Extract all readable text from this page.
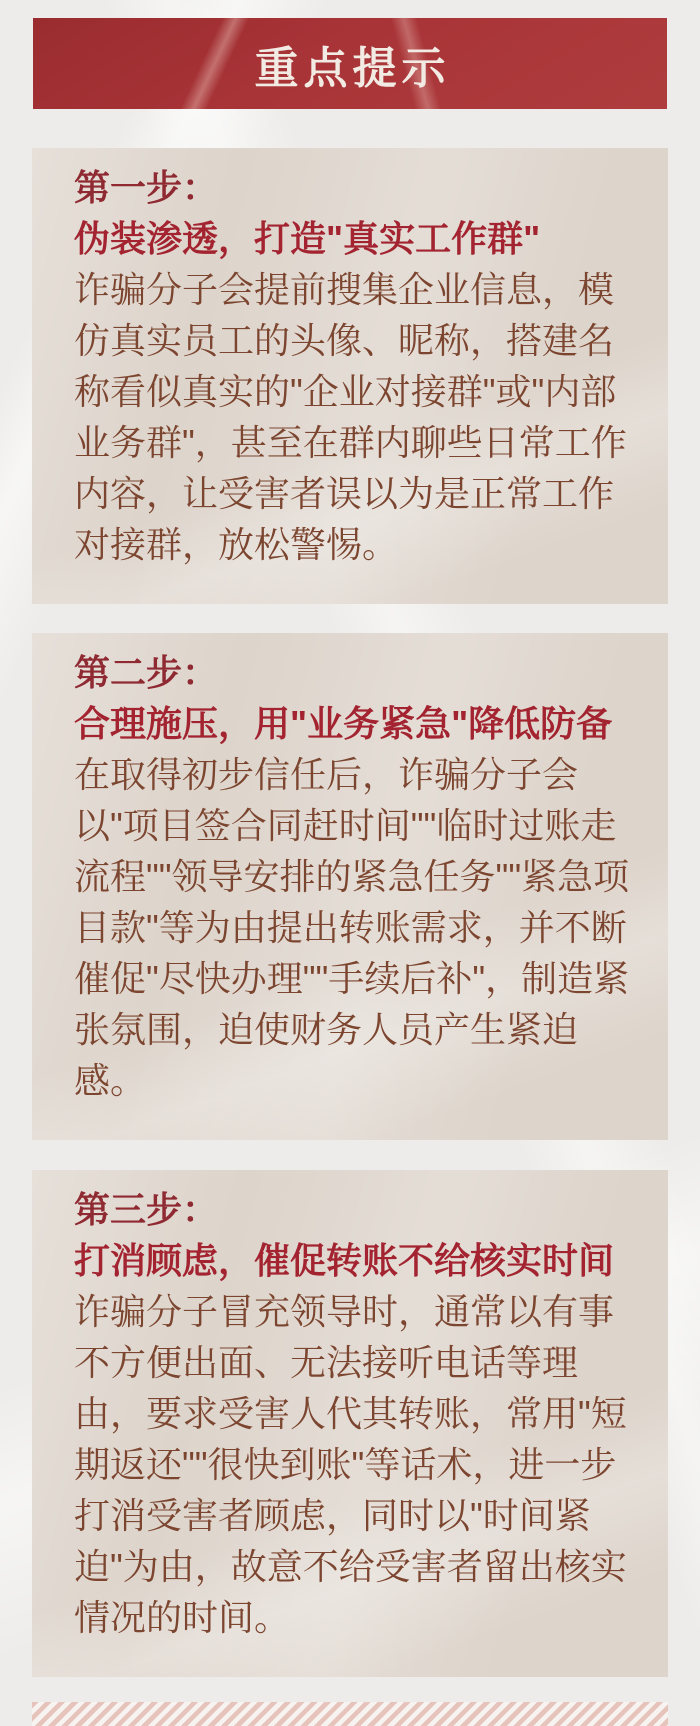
重点提示
第一步：
伪装渗透，打造"真实工作群"

诈骗分子会提前搜集企业信息，模仿真实员工的头像、昵称，搭建名称看似真实的"企业对接群"或"内部业务群"，甚至在群内聊些日常工作内容，让受害者误以为是正常工作对接群，放松警惕。

第二步：
合理施压，用"业务紧急"降低防备

在取得初步信任后，诈骗分子会以"项目签合同赶时间""临时过账走流程""领导安排的紧急任务""紧急项目款"等为由提出转账需求，并不断催促"尽快办理""手续后补"，制造紧张氛围，迫使财务人员产生紧迫感。

第三步：
打消顾虑，催促转账不给核实时间

诈骗分子冒充领导时，通常以有事不方便出面、无法接听电话等理由，要求受害人代其转账，常用"短期返还""很快到账"等话术，进一步打消受害者顾虑，同时以"时间紧迫"为由，故意不给受害者留出核实情况的时间。
